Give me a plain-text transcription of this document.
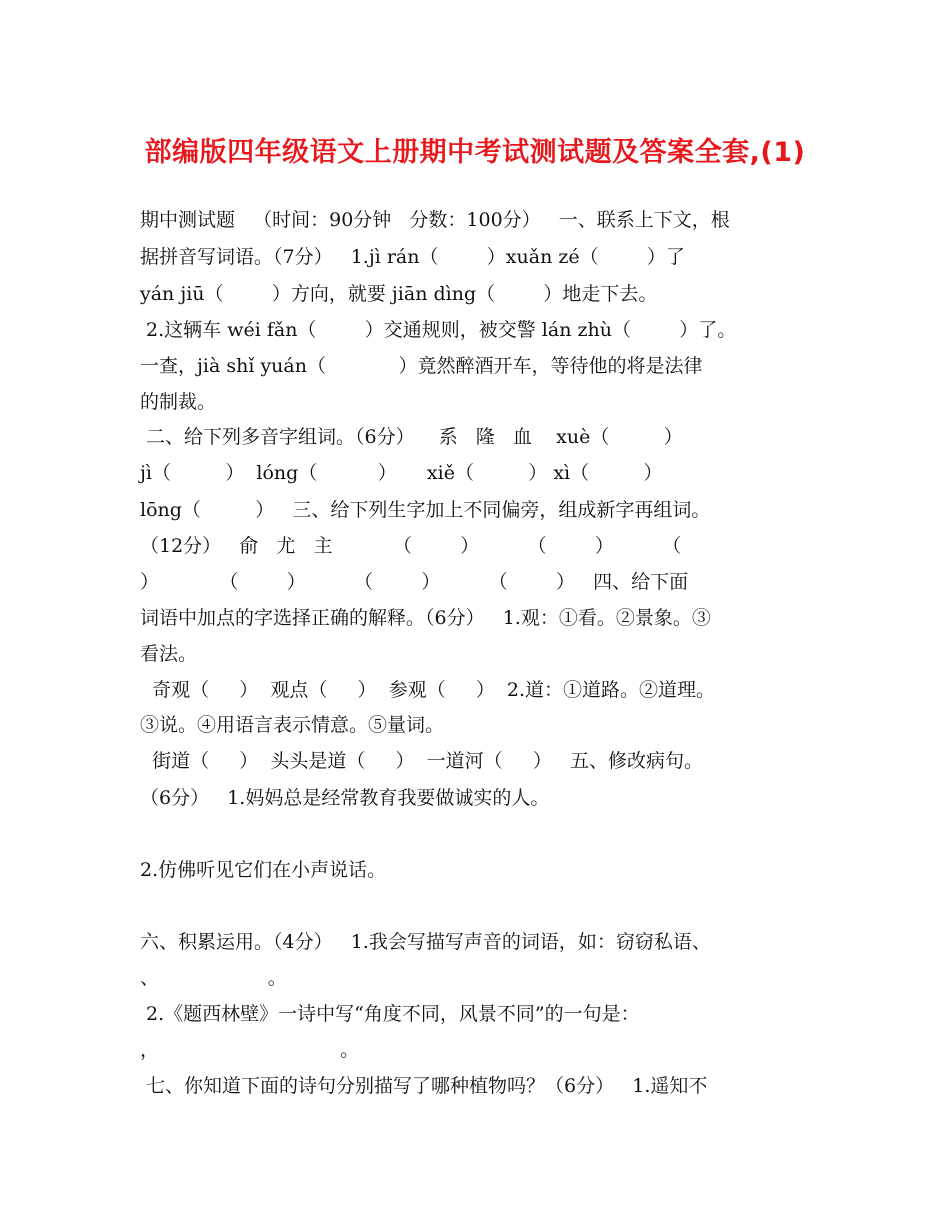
部编版四年级语文上册期中考试测试题及答案全套,(1)
期中测试题   （时间：90分钟   分数：100分）   一、联系上下文，根
据拼音写词语。（7分）   1.jì rán（        ）xuǎn zé（        ）了
yán jiū（        ）方向，就要 jiān dìng（        ）地走下去。
2.这辆车 wéi fǎn（        ）交通规则，被交警 lán zhù（        ）了。
一查，jià shǐ yuán（            ）竟然醉酒开车，等待他的将是法律
的制裁。
二、给下列多音字组词。（6分）    系   隆   血    xuè（         ）
jì（         ）  lóng（          ）     xiě（         ） xì（         ）
lōng（         ）   三、给下列生字加上不同偏旁，组成新字再组词。
（12分）   俞   尤   主          （        ）        （        ）        （
）          （        ）        （        ）        （        ）   四、给下面
词语中加点的字选择正确的解释。（6分）   1.观：①看。②景象。③
看法。
奇观（     ）  观点（     ）  参观（     ）  2.道：①道路。②道理。
③说。④用语言表示情意。⑤量词。
街道（     ）  头头是道（     ）  一道河（     ）   五、修改病句。
（6分）   1.妈妈总是经常教育我要做诚实的人。
2.仿佛听见它们在小声说话。
六、积累运用。（4分）   1.我会写描写声音的词语，如：窃窃私语、
、                  。
2.《题西林壁》一诗中写“角度不同，风景不同”的一句是：
，                              。
七、你知道下面的诗句分别描写了哪种植物吗？（6分）   1.遥知不
